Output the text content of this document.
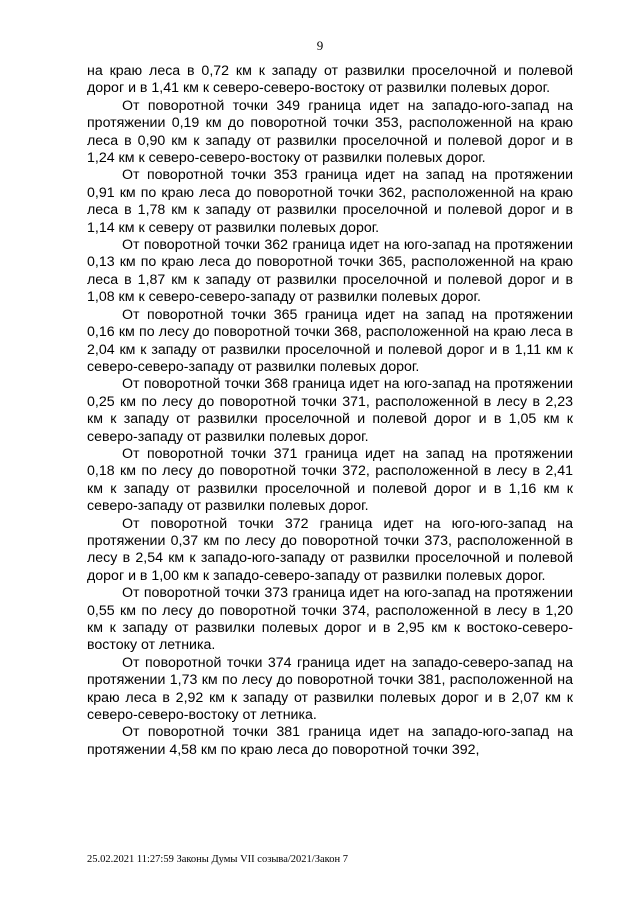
9

на краю леса в 0,72 км к западу от развилки проселочной и полевой дорог и в 1,41 км к северо-северо-востоку от развилки полевых дорог.

От поворотной точки 349 граница идет на западо-юго-запад на протяжении 0,19 км до поворотной точки 353, расположенной на краю леса в 0,90 км к западу от развилки проселочной и полевой дорог и в 1,24 км к северо-северо-востоку от развилки полевых дорог.

От поворотной точки 353 граница идет на запад на протяжении 0,91 км по краю леса до поворотной точки 362, расположенной на краю леса в 1,78 км к западу от развилки проселочной и полевой дорог и в 1,14 км к северу от развилки полевых дорог.

От поворотной точки 362 граница идет на юго-запад на протяжении 0,13 км по краю леса до поворотной точки 365, расположенной на краю леса в 1,87 км к западу от развилки проселочной и полевой дорог и в 1,08 км к северо-северо-западу от развилки полевых дорог.

От поворотной точки 365 граница идет на запад на протяжении 0,16 км по лесу до поворотной точки 368, расположенной на краю леса в 2,04 км к западу от развилки проселочной и полевой дорог и в 1,11 км к северо-северо-западу от развилки полевых дорог.

От поворотной точки 368 граница идет на юго-запад на протяжении 0,25 км по лесу до поворотной точки 371, расположенной в лесу в 2,23 км к западу от развилки проселочной и полевой дорог и в 1,05 км к северо-западу от развилки полевых дорог.

От поворотной точки 371 граница идет на запад на протяжении 0,18 км по лесу до поворотной точки 372, расположенной в лесу в 2,41 км к западу от развилки проселочной и полевой дорог и в 1,16 км к северо-западу от развилки полевых дорог.

От поворотной точки 372 граница идет на юго-юго-запад на протяжении 0,37 км по лесу до поворотной точки 373, расположенной в лесу в 2,54 км к западо-юго-западу от развилки проселочной и полевой дорог и в 1,00 км к западо-северо-западу от развилки полевых дорог.

От поворотной точки 373 граница идет на юго-запад на протяжении 0,55 км по лесу до поворотной точки 374, расположенной в лесу в 1,20 км к западу от развилки полевых дорог и в 2,95 км к востоко-северо-востоку от летника.

От поворотной точки 374 граница идет на западо-северо-запад на протяжении 1,73 км по лесу до поворотной точки 381, расположенной на краю леса в 2,92 км к западу от развилки полевых дорог и в 2,07 км к северо-северо-востоку от летника.

От поворотной точки 381 граница идет на западо-юго-запад на протяжении 4,58 км по краю леса до поворотной точки 392,

25.02.2021 11:27:59 Законы Думы VII созыва/2021/Закон 7
